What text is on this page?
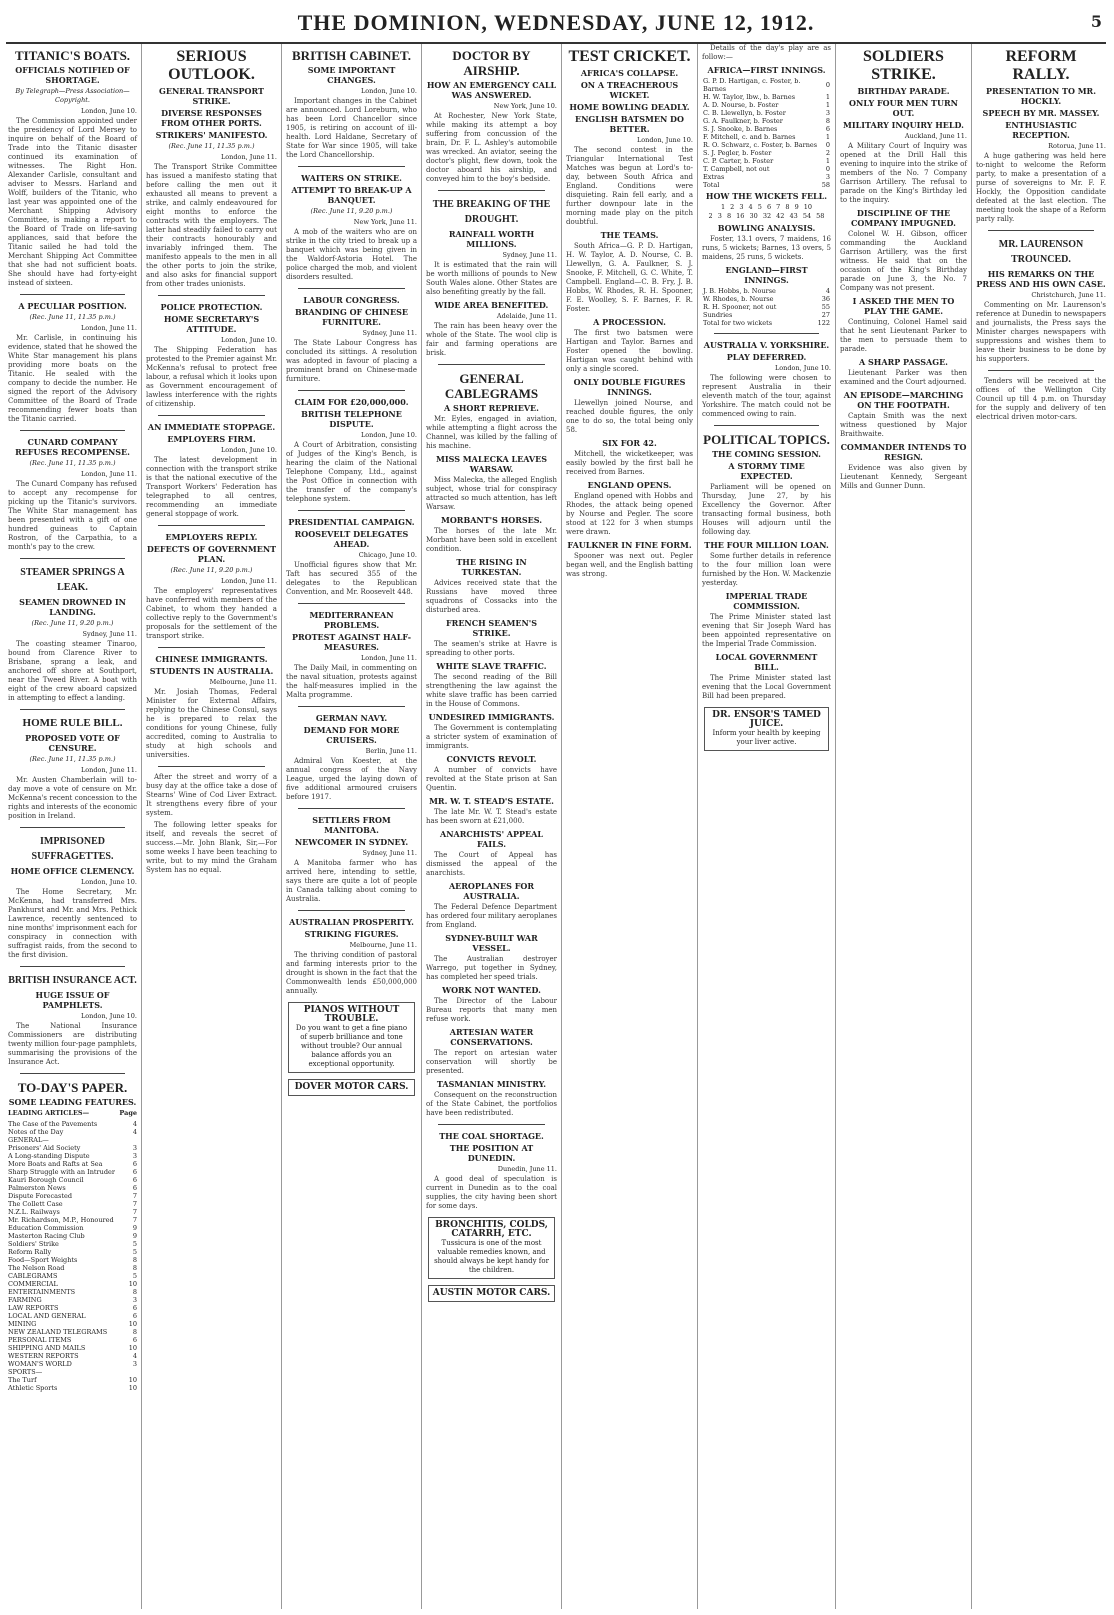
THE DOMINION, WEDNESDAY, JUNE 12, 1912.	5
TITANIC'S BOATS.
OFFICIALS NOTIFIED OF SHORTAGE.
By Telegraph—Press Association—Copyright.
London, June 10.

The Commission appointed under the presidency of Lord Mersey to inquire on behalf of the Board of Trade into the Titanic disaster continued its examination of witnesses. The Right Hon. Alexander Carlisle, consultant and adviser to Messrs. Harland and Wolff, builders of the Titanic, who last year was appointed one of the Merchant Shipping Advisory Committee, is making a report to the Board of Trade on life-saving appliances, said that before the Titanic sailed he had told the Merchant Shipping Act Committee that she had not sufficient boats. She should have had forty-eight instead of sixteen.

A PECULIAR POSITION.
(Rec. June 11, 11.35 p.m.)
London, June 11.

Mr. Carlisle, in continuing his evidence, stated that he showed the White Star management his plans providing more boats on the Titanic. He sealed with the company to decide the number. He signed the report of the Advisory Committee of the Board of Trade recommending fewer boats than the Titanic carried.

CUNARD COMPANY REFUSES RECOMPENSE.
(Rec. June 11, 11.35 p.m.)
London, June 11.

The Cunard Company has refused to accept any recompense for picking up the Titanic's survivors. The White Star management has been presented with a gift of one hundred guineas to Captain Rostron, of the Carpathia, to a month's pay to the crew.

STEAMER SPRINGS A LEAK.
SEAMEN DROWNED IN LANDING.
(Rec. June 11, 9.20 p.m.)
Sydney, June 11.

The coasting steamer Tinaroo, bound from Clarence River to Brisbane, sprang a leak, and anchored off shore at Southport, near the Tweed River. A boat with eight of the crew aboard capsized in attempting to effect a landing.

HOME RULE BILL.
PROPOSED VOTE OF CENSURE.
(Rec. June 11, 11.35 p.m.)
London, June 11.

Mr. Austen Chamberlain will to-day move a vote of censure on Mr. McKenna's recent concession to the rights and interests of the economic position in Ireland.

IMPRISONED SUFFRAGETTES.
HOME OFFICE CLEMENCY.
London, June 10.

The Home Secretary, Mr. McKenna, had transferred Mrs. Pankhurst and Mr. and Mrs. Pethick Lawrence, recently sentenced to nine months' imprisonment each for conspiracy in connection with suffragist raids, from the second to the first division.

BRITISH INSURANCE ACT.
HUGE ISSUE OF PAMPHLETS.
London, June 10.

The National Insurance Commissioners are distributing twenty million four-page pamphlets, summarising the provisions of the Insurance Act.

TO-DAY'S PAPER.
SOME LEADING FEATURES.
LEADING ARTICLES—	Page
The Case of the Pavements	4
Notes of the Day	4
GENERAL—
Prisoners' Aid Society	3
A Long-standing Dispute	3
More Boats and Rafts at Sea	6
Sharp Struggle with an Intruder	6
Kauri Borough Council	6
Palmerston News	6
Dispute Forecasted	7
The Collett Case	7
N.Z.L. Railways	7
Mr. Richardson, M.P., Honoured	7
Education Commission	9
Masterton Racing Club	9
Soldiers' Strike	5
Reform Rally	5
Food—Sport Weights	8
The Nelson Road	8
CABLEGRAMS	5
COMMERCIAL	10
ENTERTAINMENTS	8
FARMING	3
LAW REPORTS	6
LOCAL AND GENERAL	6
MINING	10
NEW ZEALAND TELEGRAMS	8
PERSONAL ITEMS	6
SHIPPING AND MAILS	10
WESTERN REPORTS	4
WOMAN'S WORLD	3
SPORTS—
The Turf	10
Athletic Sports	10
SERIOUS OUTLOOK.
GENERAL TRANSPORT STRIKE.
DIVERSE RESPONSES FROM OTHER PORTS.
STRIKERS' MANIFESTO.
(Rec. June 11, 11.35 p.m.)
London, June 11.

The Transport Strike Committee has issued a manifesto stating that before calling the men out it exhausted all means to prevent a strike, and calmly endeavoured for eight months to enforce the contracts with the employers. The latter had steadily failed to carry out their contracts honourably and invariably infringed them. The manifesto appeals to the men in all the other ports to join the strike, and also asks for financial support from other trades unionists.

POLICE PROTECTION.
HOME SECRETARY'S ATTITUDE.
London, June 10.

The Shipping Federation has protested to the Premier against Mr. McKenna's refusal to protect free labour, a refusal which it looks upon as Government encouragement of lawless interference with the rights of citizenship.

AN IMMEDIATE STOPPAGE.
EMPLOYERS FIRM.
London, June 10.

The latest development in connection with the transport strike is that the national executive of the Transport Workers' Federation has telegraphed to all centres, recommending an immediate general stoppage of work.

EMPLOYERS REPLY.
DEFECTS OF GOVERNMENT PLAN.
(Rec. June 11, 9.20 p.m.)
London, June 11.

The employers' representatives have conferred with members of the Cabinet, to whom they handed a collective reply to the Government's proposals for the settlement of the transport strike.

CHINESE IMMIGRANTS.
STUDENTS IN AUSTRALIA.
Melbourne, June 11.

Mr. Josiah Thomas, Federal Minister for External Affairs, replying to the Chinese Consul, says he is prepared to relax the conditions for young Chinese, fully accredited, coming to Australia to study at high schools and universities.

After the street and worry of a busy day at the office take a dose of Stearns' Wine of Cod Liver Extract. It strengthens every fibre of your system.

The following letter speaks for itself, and reveals the secret of success.—Mr. John Blank, Sir,—For some weeks I have been teaching to write, but to my mind the Graham System has no equal.

BRITISH CABINET.
SOME IMPORTANT CHANGES.
London, June 10.

Important changes in the Cabinet are announced. Lord Loreburn, who has been Lord Chancellor since 1905, is retiring on account of ill-health. Lord Haldane, Secretary of State for War since 1905, will take the Lord Chancellorship.

WAITERS ON STRIKE.
ATTEMPT TO BREAK-UP A BANQUET.
(Rec. June 11, 9.20 p.m.)
New York, June 11.

A mob of the waiters who are on strike in the city tried to break up a banquet which was being given in the Waldorf-Astoria Hotel. The police charged the mob, and violent disorders resulted.

LABOUR CONGRESS.
BRANDING OF CHINESE FURNITURE.
Sydney, June 11.

The State Labour Congress has concluded its sittings. A resolution was adopted in favour of placing a prominent brand on Chinese-made furniture.

CLAIM FOR £20,000,000.
BRITISH TELEPHONE DISPUTE.
London, June 10.

A Court of Arbitration, consisting of Judges of the King's Bench, is hearing the claim of the National Telephone Company, Ltd., against the Post Office in connection with the transfer of the company's telephone system.

PRESIDENTIAL CAMPAIGN.
ROOSEVELT DELEGATES AHEAD.
Chicago, June 10.

Unofficial figures show that Mr. Taft has secured 355 of the delegates to the Republican Convention, and Mr. Roosevelt 448.

MEDITERRANEAN PROBLEMS.
PROTEST AGAINST HALF-MEASURES.
London, June 11.

The Daily Mail, in commenting on the naval situation, protests against the half-measures implied in the Malta programme.

GERMAN NAVY.
DEMAND FOR MORE CRUISERS.
Berlin, June 11.

Admiral Von Koester, at the annual congress of the Navy League, urged the laying down of five additional armoured cruisers before 1917.

SETTLERS FROM MANITOBA.
NEWCOMER IN SYDNEY.
Sydney, June 11.

A Manitoba farmer who has arrived here, intending to settle, says there are quite a lot of people in Canada talking about coming to Australia.

AUSTRALIAN PROSPERITY.
STRIKING FIGURES.
Melbourne, June 11.

The thriving condition of pastoral and farming interests prior to the drought is shown in the fact that the Commonwealth lends £50,000,000 annually.

PIANOS WITHOUT TROUBLE.
Do you want to get a fine piano of superb brilliance and tone without trouble? Our annual balance affords you an exceptional opportunity.
DOVER MOTOR CARS.
DOCTOR BY AIRSHIP.
HOW AN EMERGENCY CALL WAS ANSWERED.
New York, June 10.

At Rochester, New York State, while making its attempt a boy suffering from concussion of the brain, Dr. F. L. Ashley's automobile was wrecked. An aviator, seeing the doctor's plight, flew down, took the doctor aboard his airship, and conveyed him to the boy's bedside.

THE BREAKING OF THE DROUGHT.
RAINFALL WORTH MILLIONS.
Sydney, June 11.

It is estimated that the rain will be worth millions of pounds to New South Wales alone. Other States are also benefiting greatly by the fall.

WIDE AREA BENEFITED.
Adelaide, June 11.

The rain has been heavy over the whole of the State. The wool clip is fair and farming operations are brisk.

GENERAL CABLEGRAMS
A SHORT REPRIEVE.

Mr. Eyles, engaged in aviation, while attempting a flight across the Channel, was killed by the falling of his machine.

MISS MALECKA LEAVES WARSAW.

Miss Malecka, the alleged English subject, whose trial for conspiracy attracted so much attention, has left Warsaw.

MORBANT'S HORSES.

The horses of the late Mr. Morbant have been sold in excellent condition.

THE RISING IN TURKESTAN.

Advices received state that the Russians have moved three squadrons of Cossacks into the disturbed area.

FRENCH SEAMEN'S STRIKE.

The seamen's strike at Havre is spreading to other ports.

WHITE SLAVE TRAFFIC.

The second reading of the Bill strengthening the law against the white slave traffic has been carried in the House of Commons.

UNDESIRED IMMIGRANTS.

The Government is contemplating a stricter system of examination of immigrants.

CONVICTS REVOLT.

A number of convicts have revolted at the State prison at San Quentin.

MR. W. T. STEAD'S ESTATE.

The late Mr. W. T. Stead's estate has been sworn at £21,000.

ANARCHISTS' APPEAL FAILS.

The Court of Appeal has dismissed the appeal of the anarchists.

AEROPLANES FOR AUSTRALIA.

The Federal Defence Department has ordered four military aeroplanes from England.

SYDNEY-BUILT WAR VESSEL.

The Australian destroyer Warrego, put together in Sydney, has completed her speed trials.

WORK NOT WANTED.

The Director of the Labour Bureau reports that many men refuse work.

ARTESIAN WATER CONSERVATIONS.

The report on artesian water conservation will shortly be presented.

TASMANIAN MINISTRY.

Consequent on the reconstruction of the State Cabinet, the portfolios have been redistributed.

THE COAL SHORTAGE.
THE POSITION AT DUNEDIN.
Dunedin, June 11.

A good deal of speculation is current in Dunedin as to the coal supplies, the city having been short for some days.

BRONCHITIS, COLDS, CATARRH, ETC.
Tussicura is one of the most valuable remedies known, and should always be kept handy for the children.
AUSTIN MOTOR CARS.
TEST CRICKET.
AFRICA'S COLLAPSE.
ON A TREACHEROUS WICKET.
HOME BOWLING DEADLY.
ENGLISH BATSMEN DO BETTER.
London, June 10.

The second contest in the Triangular International Test Matches was begun at Lord's to-day, between South Africa and England. Conditions were disquieting. Rain fell early, and a further downpour late in the morning made play on the pitch doubtful.

THE TEAMS.

South Africa—G. P. D. Hartigan, H. W. Taylor, A. D. Nourse, C. B. Llewellyn, G. A. Faulkner, S. J. Snooke, F. Mitchell, G. C. White, T. Campbell. England—C. B. Fry, J. B. Hobbs, W. Rhodes, R. H. Spooner, F. E. Woolley, S. F. Barnes, F. R. Foster.

A PROCESSION.

The first two batsmen were Hartigan and Taylor. Barnes and Foster opened the bowling. Hartigan was caught behind with only a single scored.

ONLY DOUBLE FIGURES INNINGS.

Llewellyn joined Nourse, and reached double figures, the only one to do so, the total being only 58.

SIX FOR 42.

Mitchell, the wicketkeeper, was easily bowled by the first ball he received from Barnes.

ENGLAND OPENS.

England opened with Hobbs and Rhodes, the attack being opened by Nourse and Pegler. The score stood at 122 for 3 when stumps were drawn.

FAULKNER IN FINE FORM.

Spooner was next out. Pegler began well, and the English batting was strong.

Details of the day's play are as follow:—

AFRICA—FIRST INNINGS.
G. P. D. Hartigan, c. Foster, b. Barnes	0
H. W. Taylor, lbw., b. Barnes	1
A. D. Nourse, b. Foster	1
C. B. Llewellyn, b. Foster	3
G. A. Faulkner, b. Foster	8
S. J. Snooke, b. Barnes	6
F. Mitchell, c. and b. Barnes	1
R. O. Schwarz, c. Foster, b. Barnes	0
S. J. Pegler, b. Foster	2
C. P. Carter, b. Foster	1
T. Campbell, not out	0
Extras	3
Total	58
HOW THE WICKETS FELL.
1 2 3 4 5 6 7 8 9 10
2 3 8 16 30 32 42 43 54 58
BOWLING ANALYSIS.

Foster, 13.1 overs, 7 maidens, 16 runs, 5 wickets; Barnes, 13 overs, 5 maidens, 25 runs, 5 wickets.

ENGLAND—FIRST INNINGS.
J. B. Hobbs, b. Nourse	4
W. Rhodes, b. Nourse	36
R. H. Spooner, not out	55
Sundries	27
Total for two wickets	122
AUSTRALIA V. YORKSHIRE.
PLAY DEFERRED.
London, June 10.

The following were chosen to represent Australia in their eleventh match of the tour, against Yorkshire. The match could not be commenced owing to rain.

POLITICAL TOPICS.
THE COMING SESSION.
A STORMY TIME EXPECTED.

Parliament will be opened on Thursday, June 27, by his Excellency the Governor. After transacting formal business, both Houses will adjourn until the following day.

THE FOUR MILLION LOAN.

Some further details in reference to the four million loan were furnished by the Hon. W. Mackenzie yesterday.

IMPERIAL TRADE COMMISSION.

The Prime Minister stated last evening that Sir Joseph Ward has been appointed representative on the Imperial Trade Commission.

LOCAL GOVERNMENT BILL.

The Prime Minister stated last evening that the Local Government Bill had been prepared.

DR. ENSOR'S TAMED JUICE.
Inform your health by keeping your liver active.
SOLDIERS STRIKE.
BIRTHDAY PARADE.
ONLY FOUR MEN TURN OUT.
MILITARY INQUIRY HELD.
Auckland, June 11.

A Military Court of Inquiry was opened at the Drill Hall this evening to inquire into the strike of members of the No. 7 Company Garrison Artillery. The refusal to parade on the King's Birthday led to the inquiry.

DISCIPLINE OF THE COMPANY IMPUGNED.

Colonel W. H. Gibson, officer commanding the Auckland Garrison Artillery, was the first witness. He said that on the occasion of the King's Birthday parade on June 3, the No. 7 Company was not present.

I ASKED THE MEN TO PLAY THE GAME.

Continuing, Colonel Hamel said that he sent Lieutenant Parker to the men to persuade them to parade.

A SHARP PASSAGE.

Lieutenant Parker was then examined and the Court adjourned.

AN EPISODE—MARCHING ON THE FOOTPATH.

Captain Smith was the next witness questioned by Major Braithwaite.

COMMANDER INTENDS TO RESIGN.

Evidence was also given by Lieutenant Kennedy, Sergeant Mills and Gunner Dunn.

REFORM RALLY.
PRESENTATION TO MR. HOCKLY.
SPEECH BY MR. MASSEY.
ENTHUSIASTIC RECEPTION.
Rotorua, June 11.

A huge gathering was held here to-night to welcome the Reform party, to make a presentation of a purse of sovereigns to Mr. F. F. Hockly, the Opposition candidate defeated at the last election. The meeting took the shape of a Reform party rally.

MR. LAURENSON TROUNCED.
HIS REMARKS ON THE PRESS AND HIS OWN CASE.
Christchurch, June 11.

Commenting on Mr. Laurenson's reference at Dunedin to newspapers and journalists, the Press says the Minister charges newspapers with suppressions and wishes them to leave their business to be done by his supporters.

Tenders will be received at the offices of the Wellington City Council up till 4 p.m. on Thursday for the supply and delivery of ten electrical driven motor-cars.
